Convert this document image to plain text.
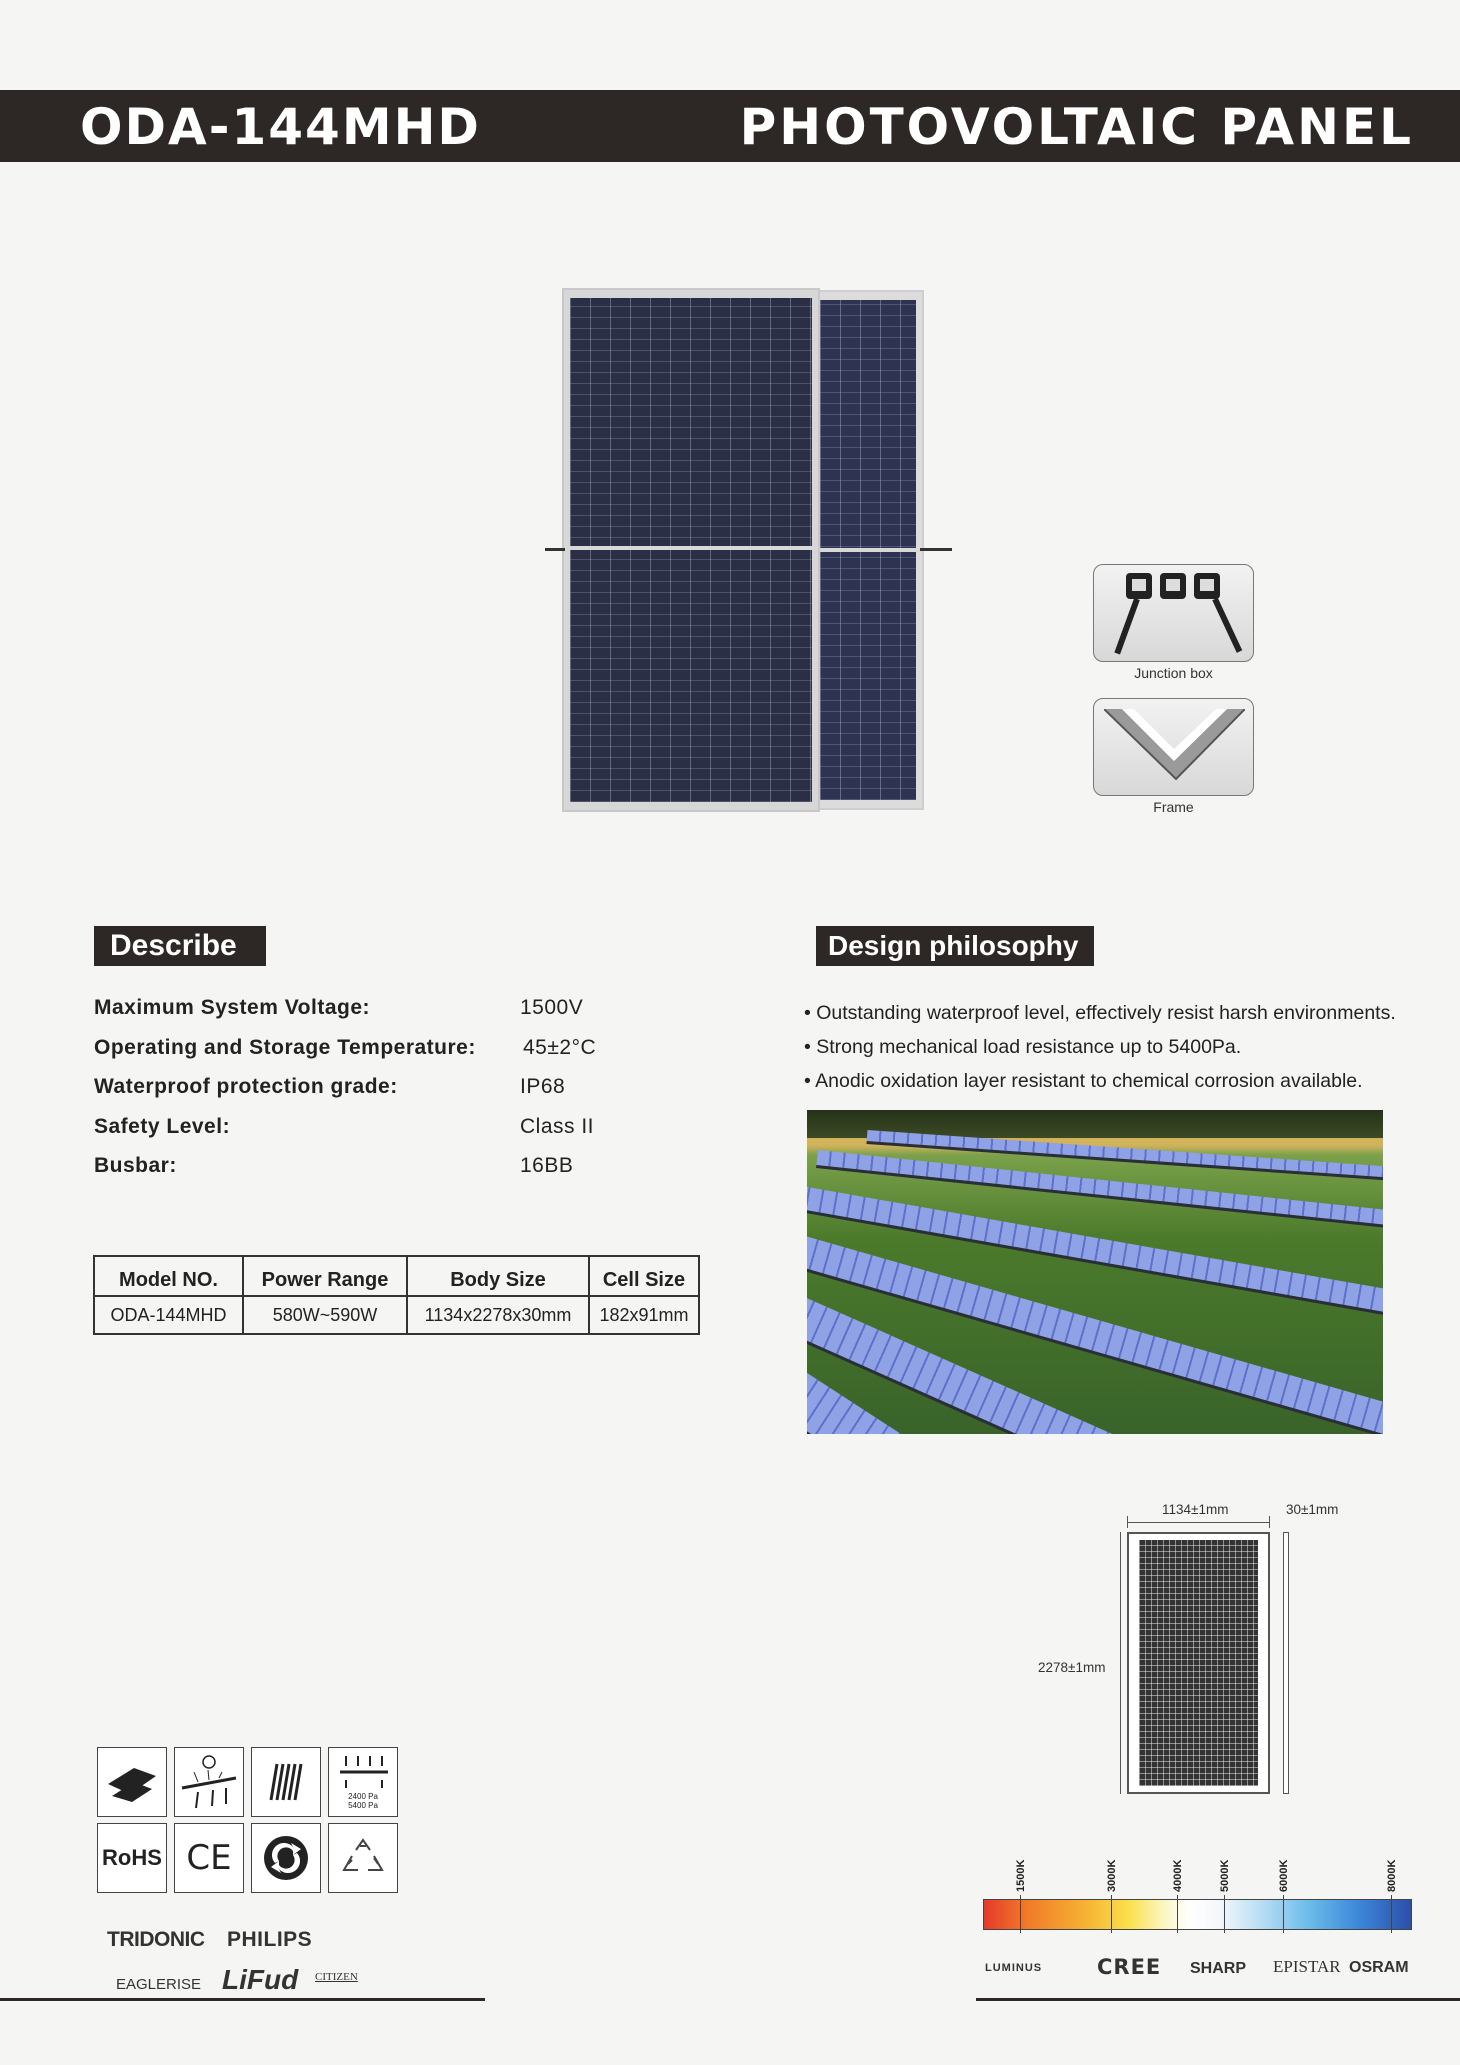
ODA-144MHD	PHOTOVOLTAIC PANEL
Junction box
Frame
Describe
Maximum System Voltage:	1500V
Operating and Storage Temperature: 45±2°C
Waterproof protection grade:	IP68
Safety Level:	Class II
Busbar:	16BB
Model NO.	Power Range	Body Size	Cell Size
ODA-144MHD	580W~590W	1134x2278x30mm	182x91mm
Design philosophy
• Outstanding waterproof level, effectively resist harsh environments.
• Strong mechanical load resistance up to 5400Pa.
• Anodic oxidation layer resistant to chemical corrosion available.
1134±1mm	30±1mm
2278±1mm
2400 Pa
5400 Pa
RoHS CE
TRIDONIC PHILIPS
EAGLERISE LiFud CITIZEN
1500K	3000K	4000K	5000K	6000K	8000K
LUMINUS	CREE SHARP EPISTAR OSRAM
